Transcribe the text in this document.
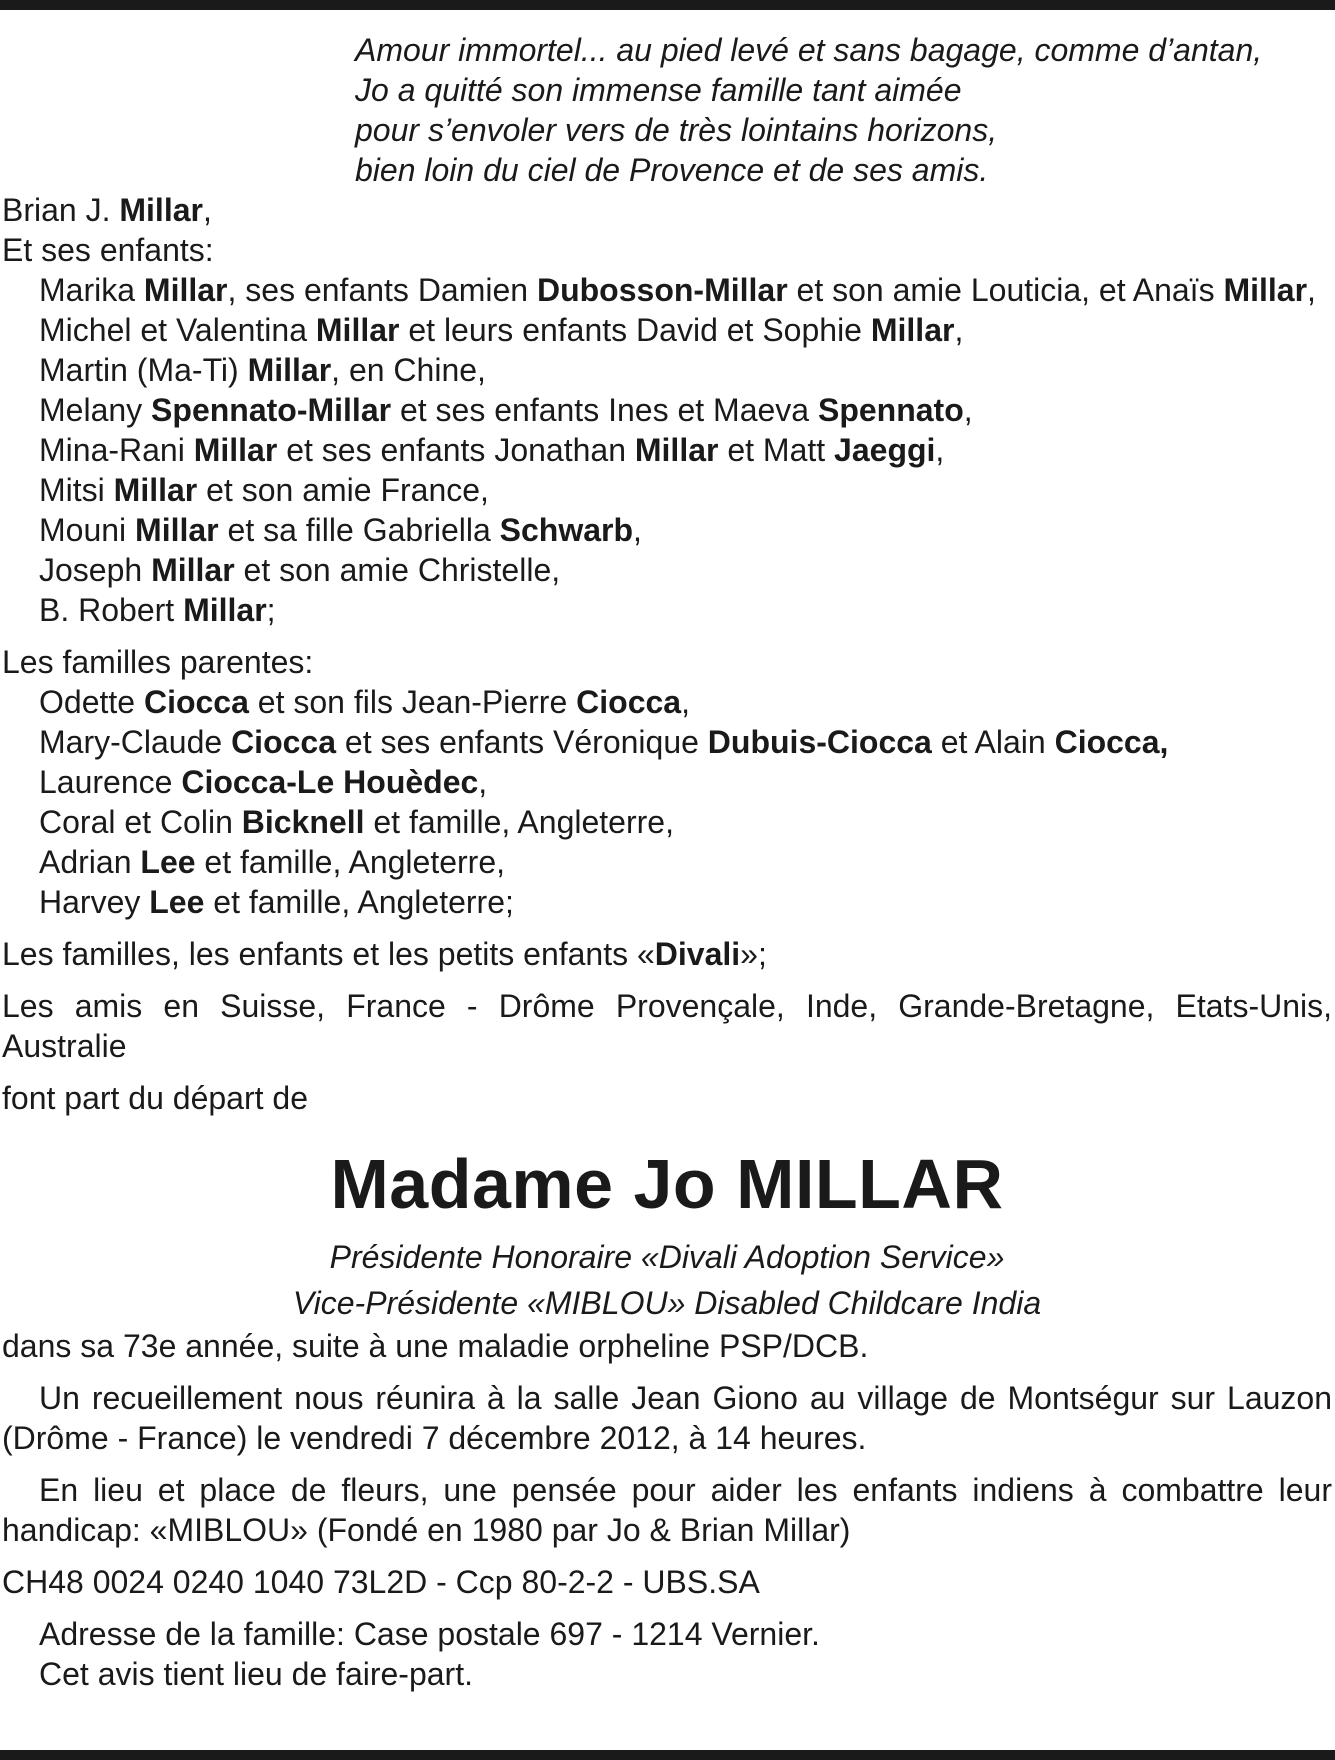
Amour immortel... au pied levé et sans bagage, comme d’antan,
Jo a quitté son immense famille tant aimée
pour s’envoler vers de très lointains horizons,
bien loin du ciel de Provence et de ses amis.
Brian J. Millar,
Et ses enfants:
Marika Millar, ses enfants Damien Dubosson-Millar et son amie Louticia, et Anaïs Millar,
Michel et Valentina Millar et leurs enfants David et Sophie Millar,
Martin (Ma-Ti) Millar, en Chine,
Melany Spennato-Millar et ses enfants Ines et Maeva Spennato,
Mina-Rani Millar et ses enfants Jonathan Millar et Matt Jaeggi,
Mitsi Millar et son amie France,
Mouni Millar et sa fille Gabriella Schwarb,
Joseph Millar et son amie Christelle,
B. Robert Millar;
Les familles parentes:
Odette Ciocca et son fils Jean-Pierre Ciocca,
Mary-Claude Ciocca et ses enfants Véronique Dubuis-Ciocca et Alain Ciocca,
Laurence Ciocca-Le Houèdec,
Coral et Colin Bicknell et famille, Angleterre,
Adrian Lee et famille, Angleterre,
Harvey Lee et famille, Angleterre;
Les familles, les enfants et les petits enfants «Divali»;
Les amis en Suisse, France - Drôme Provençale, Inde, Grande-Bretagne, Etats-Unis, Australie
font part du départ de
Madame Jo MILLAR
Présidente Honoraire «Divali Adoption Service»
Vice-Présidente «MIBLOU» Disabled Childcare India
dans sa 73e année, suite à une maladie orpheline PSP/DCB.
Un recueillement nous réunira à la salle Jean Giono au village de Montségur sur Lauzon (Drôme - France) le vendredi 7 décembre 2012, à 14 heures.
En lieu et place de fleurs, une pensée pour aider les enfants indiens à combattre leur handicap: «MIBLOU» (Fondé en 1980 par Jo & Brian Millar)
CH48 0024 0240 1040 73L2D - Ccp 80-2-2 - UBS.SA
Adresse de la famille: Case postale 697 - 1214 Vernier.
Cet avis tient lieu de faire-part.
